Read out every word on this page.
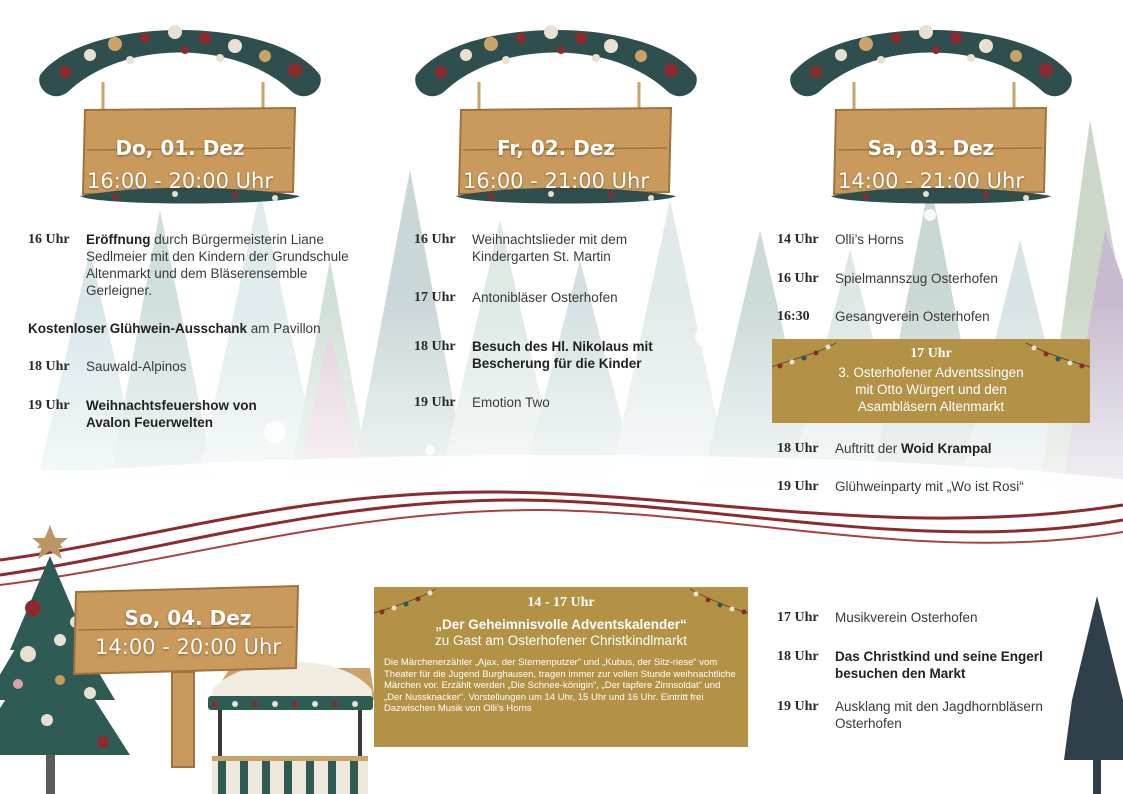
Do, 01. Dez
16:00 - 20:00 Uhr
Fr, 02. Dez
16:00 - 21:00 Uhr
Sa, 03. Dez
14:00 - 21:00 Uhr
So, 04. Dez
14:00 - 20:00 Uhr
16 Uhr	Eröffnung durch Bürgermeisterin Liane Sedlmeier mit den Kindern der Grundschule Altenmarkt und dem Bläserensemble Gerleigner.
Kostenloser Glühwein-Ausschank am Pavillon
18 Uhr	Sauwald-Alpinos
19 Uhr	Weihnachtsfeuershow von Avalon Feuerwelten
16 Uhr	Weihnachtslieder mit dem Kindergarten St. Martin
17 Uhr	Antonibläser Osterhofen
18 Uhr	Besuch des Hl. Nikolaus mit Bescherung für die Kinder
19 Uhr	Emotion Two
14 Uhr	Olli’s Horns
16 Uhr	Spielmannszug Osterhofen
16:30	Gesangverein Osterhofen
17 Uhr
3. Osterhofener Adventssingen mit Otto Würgert und den Asambläsern Altenmarkt
18 Uhr	Auftritt der Woid Krampal
19 Uhr	Glühweinparty mit „Wo ist Rosi“
14 - 17 Uhr
„Der Geheimnisvolle Adventskalender“
zu Gast am Osterhofener Christkindlmarkt
Die Märchenerzähler „Ajax, der Sternenputzer“ und „Kubus, der Sitz-riese“ vom Theater für die Jugend Burghausen, tragen immer zur vollen Stunde weihnachtliche Märchen vor. Erzählt werden „Die Schnee-königin“, „Der tapfere Zinnsoldat“ und „Der Nussknacker“. Vorstellungen um 14 Uhr, 15 Uhr und 16 Uhr. Eintritt frei Dazwischen Musik von Olli’s Horns
17 Uhr	Musikverein Osterhofen
18 Uhr	Das Christkind und seine Engerl besuchen den Markt
19 Uhr	Ausklang mit den Jagdhornbläsern Osterhofen
